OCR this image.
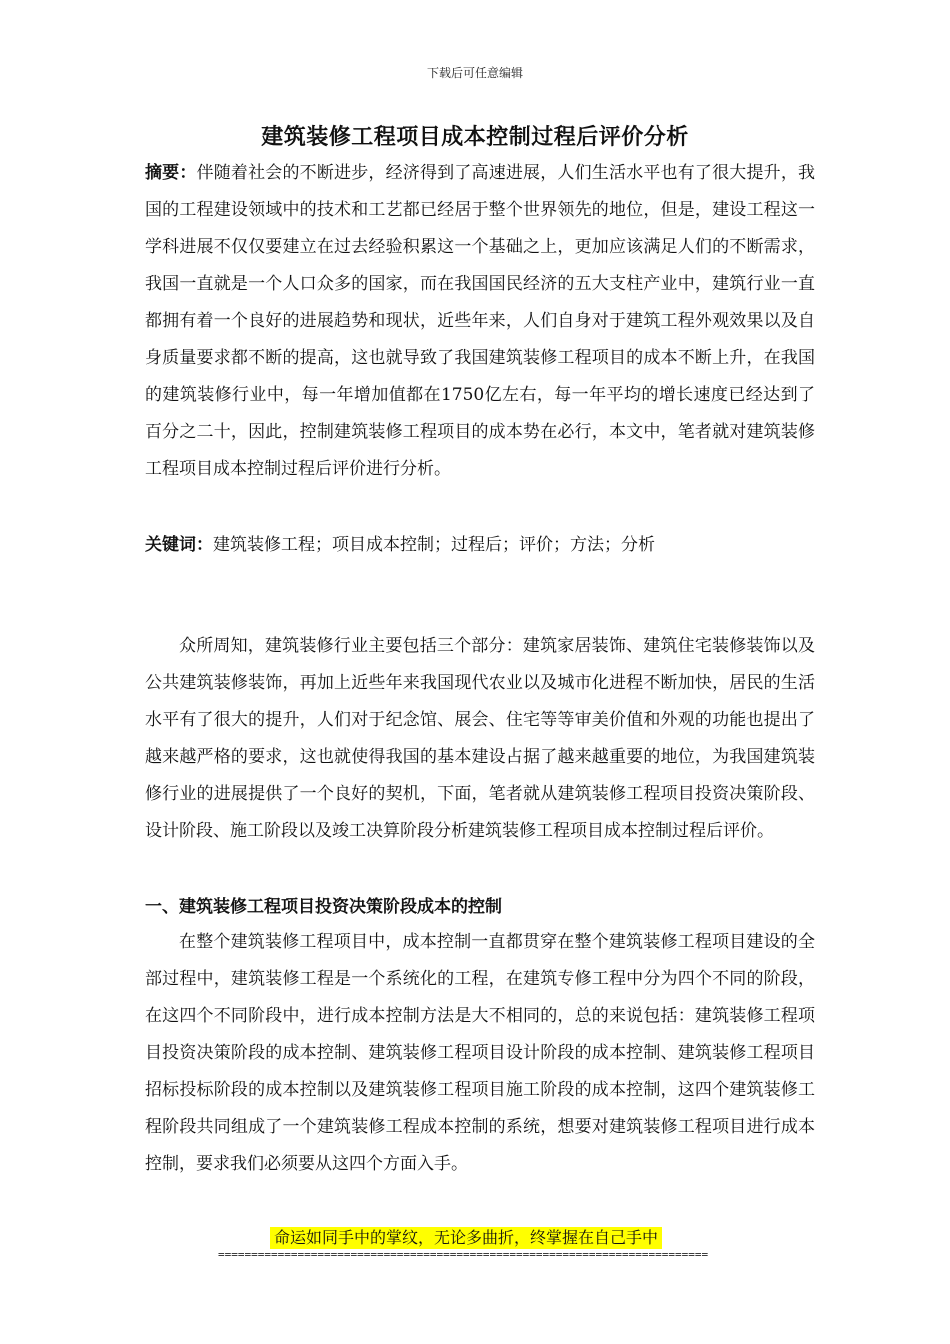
下载后可任意编辑
建筑装修工程项目成本控制过程后评价分析
摘要：伴随着社会的不断进步，经济得到了高速进展，人们生活水平也有了很大提升，我国的工程建设领域中的技术和工艺都已经居于整个世界领先的地位，但是，建设工程这一学科进展不仅仅要建立在过去经验积累这一个基础之上，更加应该满足人们的不断需求，我国一直就是一个人口众多的国家，而在我国国民经济的五大支柱产业中，建筑行业一直都拥有着一个良好的进展趋势和现状，近些年来，人们自身对于建筑工程外观效果以及自身质量要求都不断的提高，这也就导致了我国建筑装修工程项目的成本不断上升，在我国的建筑装修行业中，每一年增加值都在1750亿左右，每一年平均的增长速度已经达到了百分之二十，因此，控制建筑装修工程项目的成本势在必行，本文中，笔者就对建筑装修工程项目成本控制过程后评价进行分析。
关键词：建筑装修工程；项目成本控制；过程后；评价；方法；分析
众所周知，建筑装修行业主要包括三个部分：建筑家居装饰、建筑住宅装修装饰以及公共建筑装修装饰，再加上近些年来我国现代农业以及城市化进程不断加快，居民的生活水平有了很大的提升，人们对于纪念馆、展会、住宅等等审美价值和外观的功能也提出了越来越严格的要求，这也就使得我国的基本建设占据了越来越重要的地位，为我国建筑装修行业的进展提供了一个良好的契机，下面，笔者就从建筑装修工程项目投资决策阶段、设计阶段、施工阶段以及竣工决算阶段分析建筑装修工程项目成本控制过程后评价。
一、建筑装修工程项目投资决策阶段成本的控制
在整个建筑装修工程项目中，成本控制一直都贯穿在整个建筑装修工程项目建设的全部过程中，建筑装修工程是一个系统化的工程，在建筑专修工程中分为四个不同的阶段，在这四个不同阶段中，进行成本控制方法是大不相同的，总的来说包括：建筑装修工程项目投资决策阶段的成本控制、建筑装修工程项目设计阶段的成本控制、建筑装修工程项目招标投标阶段的成本控制以及建筑装修工程项目施工阶段的成本控制，这四个建筑装修工程阶段共同组成了一个建筑装修工程成本控制的系统，想要对建筑装修工程项目进行成本控制，要求我们必须要从这四个方面入手。
命运如同手中的掌纹，无论多曲折，终掌握在自己手中
==========================================================================
